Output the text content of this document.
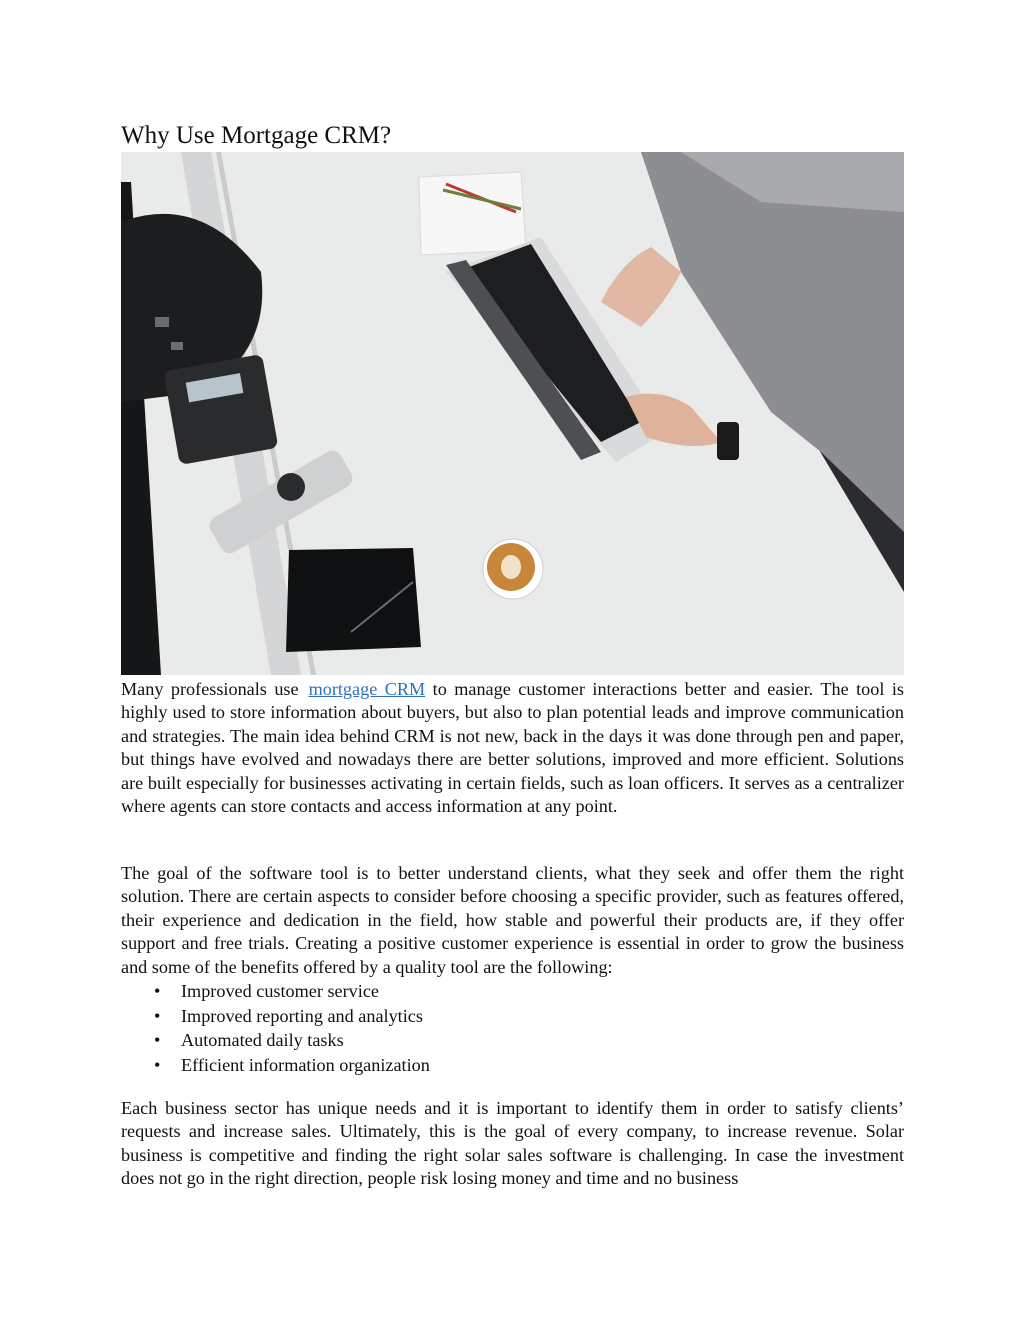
Why Use Mortgage CRM?

Many professionals use mortgage CRM to manage customer interactions better and easier. The tool is highly used to store information about buyers, but also to plan potential leads and improve communication and strategies. The main idea behind CRM is not new, back in the days it was done through pen and paper, but things have evolved and nowadays there are better solutions, improved and more efficient. Solutions are built especially for businesses activating in certain fields, such as loan officers. It serves as a centralizer where agents can store contacts and access information at any point.

The goal of the software tool is to better understand clients, what they seek and offer them the right solution. There are certain aspects to consider before choosing a specific provider, such as features offered, their experience and dedication in the field, how stable and powerful their products are, if they offer support and free trials. Creating a positive customer experience is essential in order to grow the business and some of the benefits offered by a quality tool are the following:

• Improved customer service
• Improved reporting and analytics
• Automated daily tasks
• Efficient information organization

Each business sector has unique needs and it is important to identify them in order to satisfy clients’ requests and increase sales. Ultimately, this is the goal of every company, to increase revenue. Solar business is competitive and finding the right solar sales software is challenging. In case the investment does not go in the right direction, people risk losing money and time and no business
